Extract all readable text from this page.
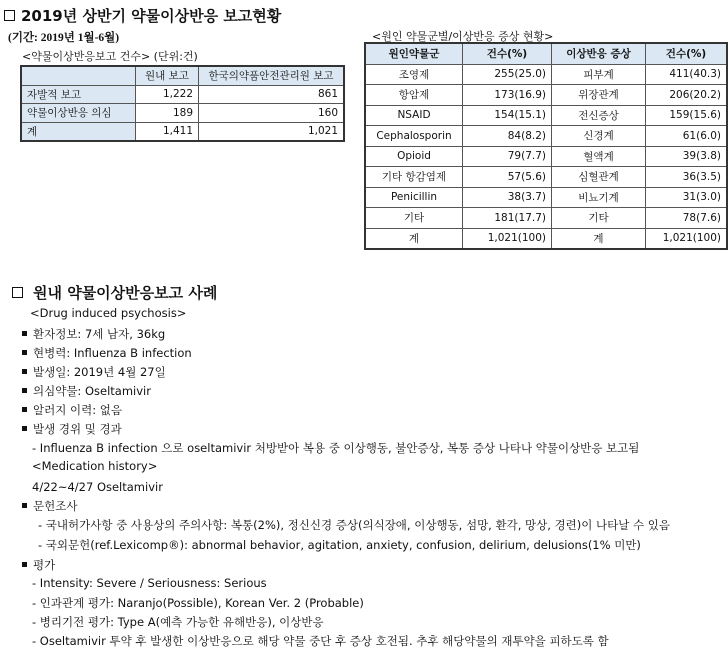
2019년 상반기 약물이상반응 보고현황
(기간: 2019년 1월-6월)
<약물이상반응보고 건수> (단위:건)
	원내 보고	한국의약품안전관리원 보고
자발적 보고	1,222	861
약물이상반응 의심	189	160
계	1,411	1,021
<원인 약물군별/이상반응 증상 현황>
원인약물군	건수(%)	이상반응 증상	건수(%)
조영제	255(25.0)	피부계	411(40.3)
항암제	173(16.9)	위장관계	206(20.2)
NSAID	154(15.1)	전신증상	159(15.6)
Cephalosporin	84(8.2)	신경계	61(6.0)
Opioid	79(7.7)	혈액계	39(3.8)
기타 항감염제	57(5.6)	심혈관계	36(3.5)
Penicillin	38(3.7)	비뇨기계	31(3.0)
기타	181(17.7)	기타	78(7.6)
계	1,021(100)	계	1,021(100)
원내 약물이상반응보고 사례
<Drug induced psychosis>
환자정보: 7세 남자, 36kg
현병력: Influenza B infection
발생일: 2019년 4월 27일
의심약물: Oseltamivir
알러지 이력: 없음
발생 경위 및 경과
- Influenza B infection 으로 oseltamivir 처방받아 복용 중 이상행동, 불안증상, 복통 증상 나타나 약물이상반응 보고됨
<Medication history>
4/22~4/27 Oseltamivir
문헌조사
- 국내허가사항 중 사용상의 주의사항: 복통(2%), 정신신경 증상(의식장애, 이상행동, 섬망, 환각, 망상, 경련)이 나타날 수 있음
- 국외문헌(ref.Lexicomp®): abnormal behavior, agitation, anxiety, confusion, delirium, delusions(1% 미만)
평가
- Intensity: Severe / Seriousness: Serious
- 인과관계 평가: Naranjo(Possible), Korean Ver. 2 (Probable)
- 병리기전 평가: Type A(예측 가능한 유해반응), 이상반응
- Oseltamivir 투약 후 발생한 이상반응으로 해당 약물 중단 후 증상 호전됨. 추후 해당약물의 재투약을 피하도록 함
